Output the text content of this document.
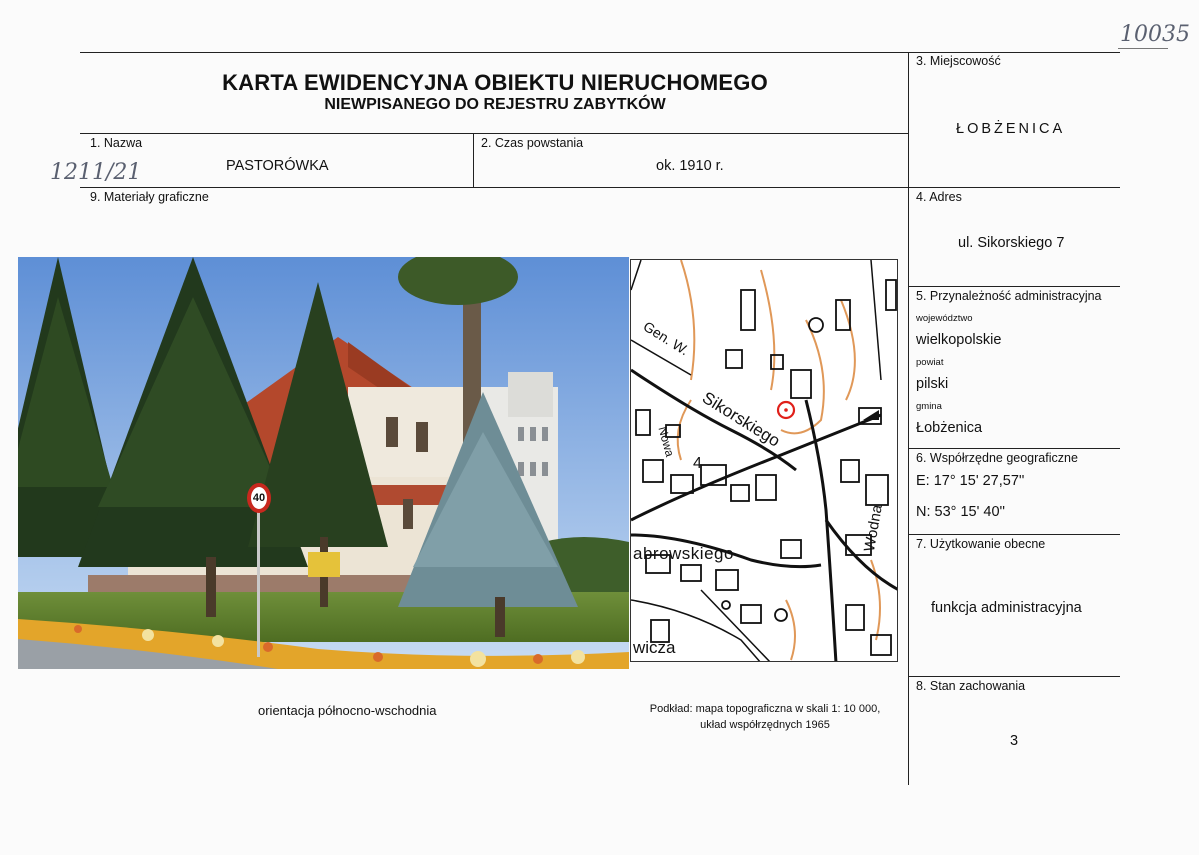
10035
1211/21
KARTA EWIDENCYJNA OBIEKTU NIERUCHOMEGO
NIEWPISANEGO DO REJESTRU ZABYTKÓW
1. Nazwa
PASTORÓWKA
2. Czas powstania
ok. 1910 r.
9. Materiały graficzne
3. Miejscowość
ŁOBŻENICA
4. Adres
ul. Sikorskiego 7
5. Przynależność administracyjna
województwo
wielkopolskie
powiat
pilski
gmina
Łobżenica
6. Współrzędne geograficzne
E: 17° 15' 27,57''
N: 53° 15' 40''
7. Użytkowanie obecne
funkcja administracyjna
8. Stan zachowania
3
40
Gen. W.
Sikorskiego
abrowskiego
Wodna
wicza
Nowa
4
orientacja północno-wschodnia	Podkład: mapa topograficzna w skali 1: 10 000,
układ współrzędnych 1965
